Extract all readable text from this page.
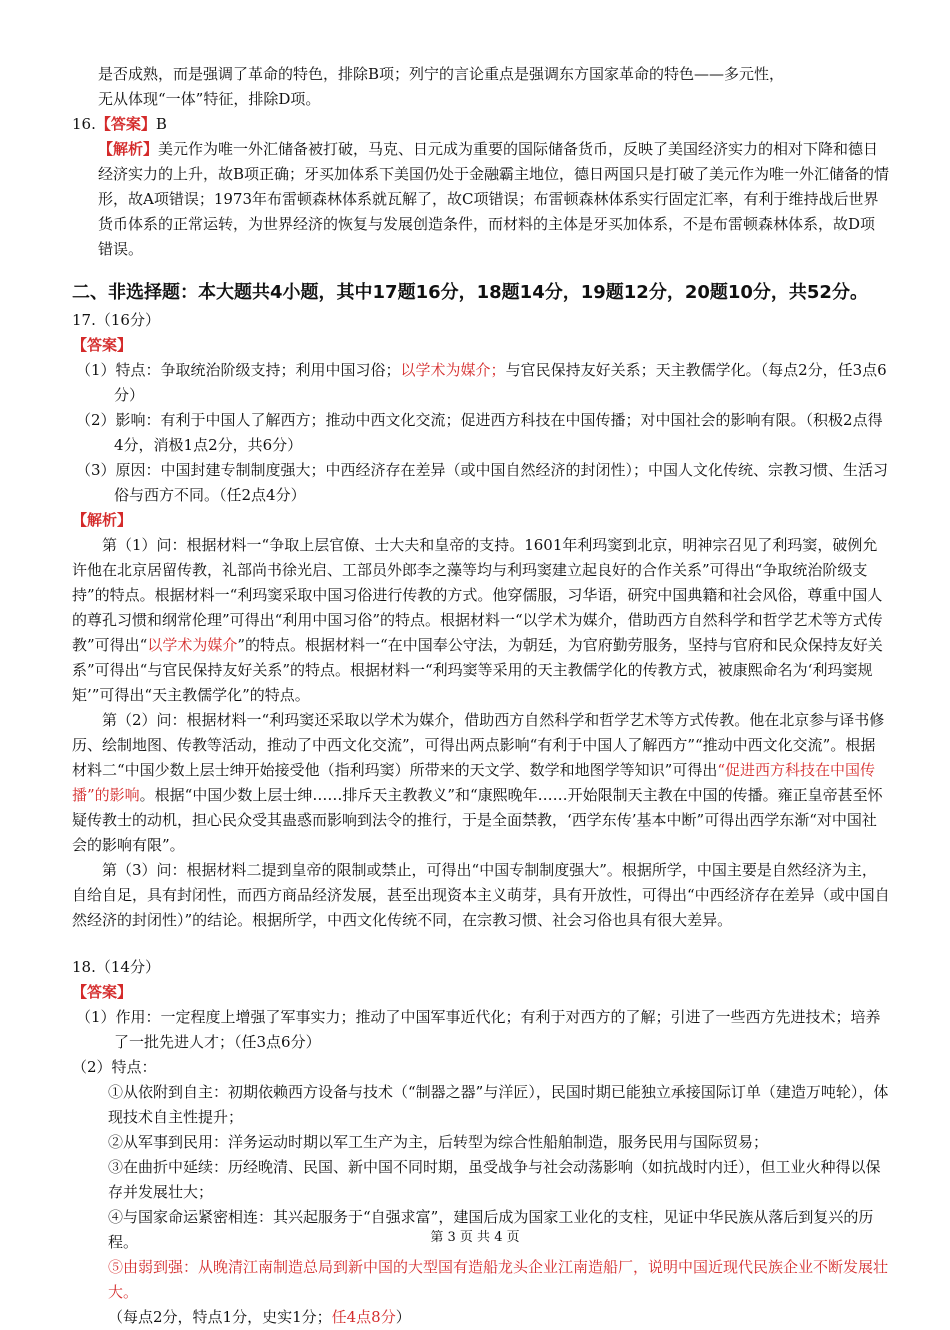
是否成熟，而是强调了革命的特色，排除B项；列宁的言论重点是强调东方国家革命的特色——多元性，

无从体现“一体”特征，排除D项。

16.【答案】B

【解析】美元作为唯一外汇储备被打破，马克、日元成为重要的国际储备货币，反映了美国经济实力的相对下降和德日经济实力的上升，故B项正确；牙买加体系下美国仍处于金融霸主地位，德日两国只是打破了美元作为唯一外汇储备的情形，故A项错误；1973年布雷顿森林体系就瓦解了，故C项错误；布雷顿森林体系实行固定汇率，有利于维持战后世界货币体系的正常运转，为世界经济的恢复与发展创造条件，而材料的主体是牙买加体系，不是布雷顿森林体系，故D项错误。

二、非选择题：本大题共4小题，其中17题16分，18题14分，19题12分，20题10分，共52分。

17.（16分）

【答案】

（1）特点：争取统治阶级支持；利用中国习俗；以学术为媒介；与官民保持友好关系；天主教儒学化。（每点2分，任3点6分）

（2）影响：有利于中国人了解西方；推动中西文化交流；促进西方科技在中国传播；对中国社会的影响有限。（积极2点得4分，消极1点2分，共6分）

（3）原因：中国封建专制制度强大；中西经济存在差异（或中国自然经济的封闭性）；中国人文化传统、宗教习惯、生活习俗与西方不同。（任2点4分）

【解析】

第（1）问：根据材料一“争取上层官僚、士大夫和皇帝的支持。1601年利玛窦到北京，明神宗召见了利玛窦，破例允许他在北京居留传教，礼部尚书徐光启、工部员外郎李之藻等均与利玛窦建立起良好的合作关系”可得出“争取统治阶级支持”的特点。根据材料一“利玛窦采取中国习俗进行传教的方式。他穿儒服，习华语，研究中国典籍和社会风俗，尊重中国人的尊孔习惯和纲常伦理”可得出“利用中国习俗”的特点。根据材料一“以学术为媒介，借助西方自然科学和哲学艺术等方式传教”可得出“以学术为媒介”的特点。根据材料一“在中国奉公守法，为朝廷，为官府勤劳服务，坚持与官府和民众保持友好关系”可得出“与官民保持友好关系”的特点。根据材料一“利玛窦等采用的天主教儒学化的传教方式，被康熙命名为‘利玛窦规矩’”可得出“天主教儒学化”的特点。

第（2）问：根据材料一“利玛窦还采取以学术为媒介，借助西方自然科学和哲学艺术等方式传教。他在北京参与译书修历、绘制地图、传教等活动，推动了中西文化交流”，可得出两点影响“有利于中国人了解西方”“推动中西文化交流”。根据材料二“中国少数上层士绅开始接受他（指利玛窦）所带来的天文学、数学和地图学等知识”可得出“促进西方科技在中国传播”的影响。根据“中国少数上层士绅……排斥天主教教义”和“康熙晚年……开始限制天主教在中国的传播。雍正皇帝甚至怀疑传教士的动机，担心民众受其蛊惑而影响到法令的推行，于是全面禁教，‘西学东传’基本中断”可得出西学东渐“对中国社会的影响有限”。

第（3）问：根据材料二提到皇帝的限制或禁止，可得出“中国专制制度强大”。根据所学，中国主要是自然经济为主，自给自足，具有封闭性，而西方商品经济发展，甚至出现资本主义萌芽，具有开放性，可得出“中西经济存在差异（或中国自然经济的封闭性）”的结论。根据所学，中西文化传统不同，在宗教习惯、社会习俗也具有很大差异。

18.（14分）

【答案】

（1）作用：一定程度上增强了军事实力；推动了中国军事近代化；有利于对西方的了解；引进了一些西方先进技术；培养了一批先进人才；（任3点6分）

（2）特点：

①从依附到自主：初期依赖西方设备与技术（“制器之器”与洋匠），民国时期已能独立承接国际订单（建造万吨轮），体现技术自主性提升；

②从军事到民用：洋务运动时期以军工生产为主，后转型为综合性船舶制造，服务民用与国际贸易；

③在曲折中延续：历经晚清、民国、新中国不同时期，虽受战争与社会动荡影响（如抗战时内迁），但工业火种得以保存并发展壮大；

④与国家命运紧密相连：其兴起服务于“自强求富”，建国后成为国家工业化的支柱，见证中华民族从落后到复兴的历程。

⑤由弱到强：从晚清江南制造总局到新中国的大型国有造船龙头企业江南造船厂，说明中国近现代民族企业不断发展壮大。

（每点2分，特点1分，史实1分；任4点8分）

第 3 页 共 4 页
